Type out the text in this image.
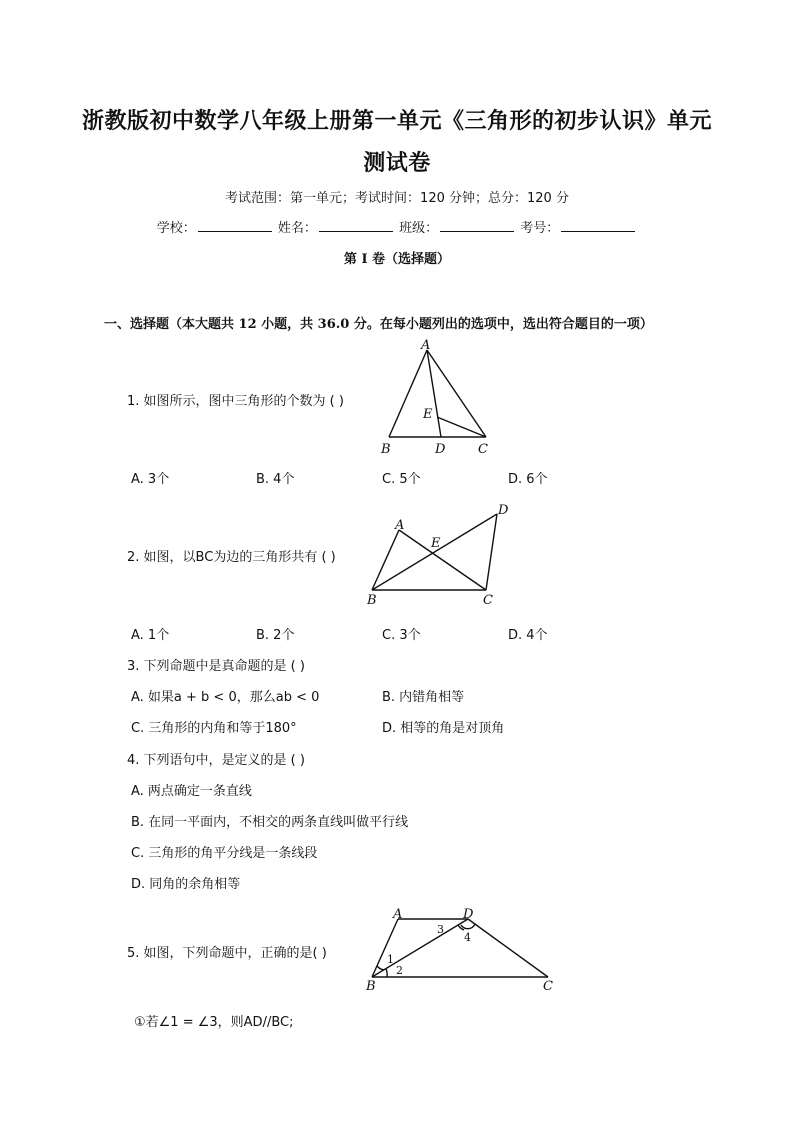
浙教版初中数学八年级上册第一单元《三角形的初步认识》单元
测试卷
考试范围：第一单元；考试时间：120 分钟；总分：120 分
学校：	姓名：	班级：	考号：
第 I 卷（选择题）
一、选择题（本大题共 12 小题，共 36.0 分。在每小题列出的选项中，选出符合题目的一项）
1. 如图所示，图中三角形的个数为 ( )
A
B	D	C
E
A. 3个	B. 4个	C. 5个	D. 6个
2. 如图，以BC为边的三角形共有 ( )
A
D
E
B	C
A. 1个	B. 2个	C. 3个	D. 4个
3. 下列命题中是真命题的是 ( )
A. 如果a + b < 0，那么ab < 0	B. 内错角相等
C. 三角形的内角和等于180°	D. 相等的角是对顶角
4. 下列语句中，是定义的是 ( )
A. 两点确定一条直线
B. 在同一平面内，不相交的两条直线叫做平行线
C. 三角形的角平分线是一条线段
D. 同角的余角相等
5. 如图，下列命题中，正确的是( )
A	D
B	C
1
2
3
4
①若∠1 = ∠3，则AD//BC;
